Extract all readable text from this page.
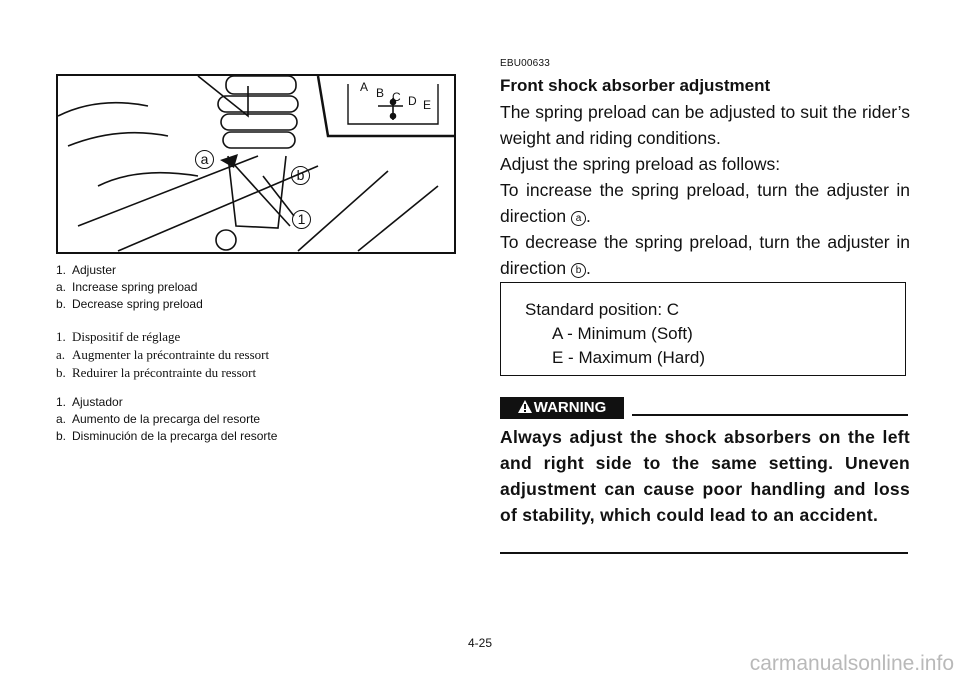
A B C D E
a
b
1
1. Adjuster
a. Increase spring preload
b. Decrease spring preload
1. Dispositif de réglage
a. Augmenter la précontrainte du ressort
b. Reduirer la précontrainte du ressort
1. Ajustador
a. Aumento de la precarga del resorte
b. Disminución de la precarga del resorte
EBU00633
Front shock absorber adjustment

The spring preload can be adjusted to suit the rider’s weight and riding conditions.

Adjust the spring preload as follows:

To increase the spring preload, turn the adjuster in direction a .

To decrease the spring preload, turn the adjuster in direction b .

Standard position: C
A - Minimum (Soft)
E - Maximum (Hard)
WARNING
Always adjust the shock absorbers on the left and right side to the same setting. Uneven adjustment can cause poor handling and loss of stability, which could lead to an accident.
4-25
carmanualsonline.info
